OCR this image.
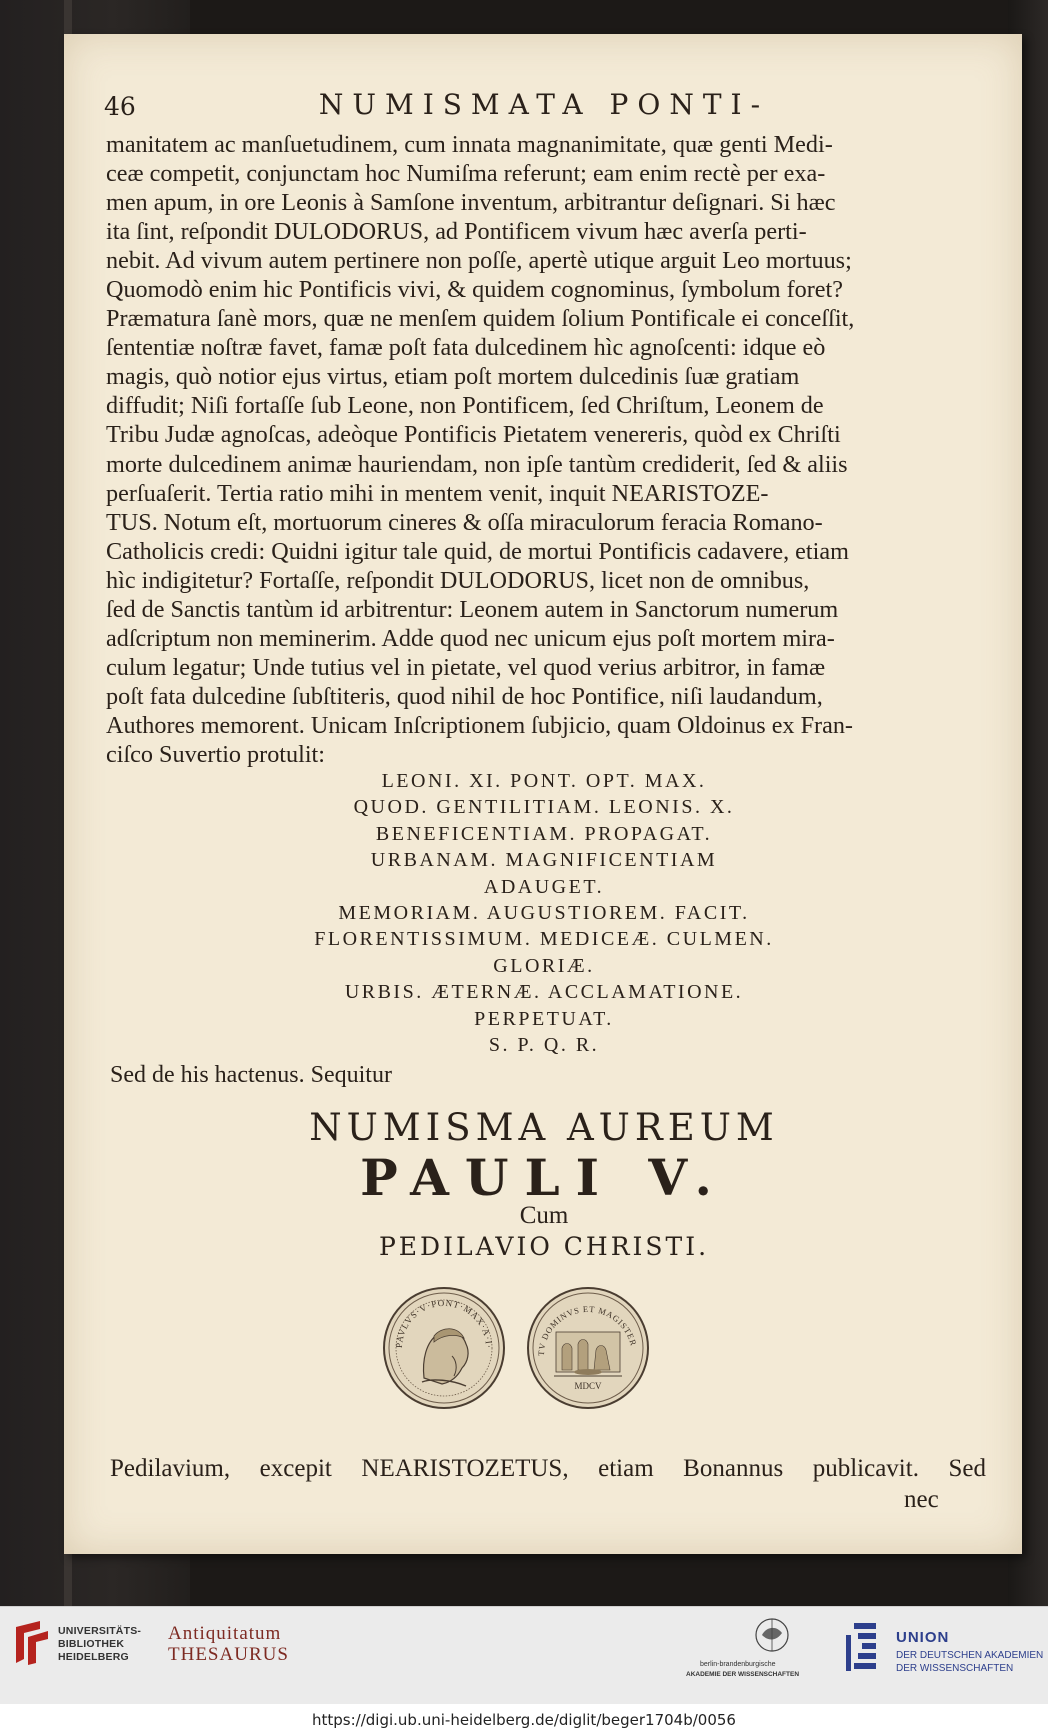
46	NUMISMATA PONTI-

manitatem ac manſuetudinem, cum innata magnanimitate, quæ genti Medi-

ceæ competit, conjunctam hoc Numiſma referunt; eam enim rectè per exa-

men apum, in ore Leonis à Samſone inventum, arbitrantur deſignari. Si hæc

ita ſint, reſpondit DULODORUS, ad Pontificem vivum hæc averſa perti-

nebit. Ad vivum autem pertinere non poſſe, apertè utique arguit Leo mortuus;

Quomodò enim hic Pontificis vivi, & quidem cognominus, ſymbolum foret?

Præmatura ſanè mors, quæ ne menſem quidem ſolium Pontificale ei conceſſit,

ſententiæ noſtræ favet, famæ poſt fata dulcedinem hìc agnoſcenti: idque eò

magis, quò notior ejus virtus, etiam poſt mortem dulcedinis ſuæ gratiam

diffudit; Niſi fortaſſe ſub Leone, non Pontificem, ſed Chriſtum, Leonem de

Tribu Judæ agnoſcas, adeòque Pontificis Pietatem venereris, quòd ex Chriſti

morte dulcedinem animæ hauriendam, non ipſe tantùm crediderit, ſed & aliis

perſuaſerit. Tertia ratio mihi in mentem venit, inquit NEARISTOZE-

TUS. Notum eſt, mortuorum cineres & oſſa miraculorum feracia Romano-

Catholicis credi: Quidni igitur tale quid, de mortui Pontificis cadavere, etiam

hìc indigitetur? Fortaſſe, reſpondit DULODORUS, licet non de omnibus,

ſed de Sanctis tantùm id arbitrentur: Leonem autem in Sanctorum numerum

adſcriptum non meminerim. Adde quod nec unicum ejus poſt mortem mira-

culum legatur; Unde tutius vel in pietate, vel quod verius arbitror, in famæ

poſt fata dulcedine ſubſtiteris, quod nihil de hoc Pontifice, niſi laudandum,

Authores memorent. Unicam Inſcriptionem ſubjicio, quam Oldoinus ex Fran-

ciſco Suvertio protulit:

LEONI. XI. PONT. OPT. MAX.
QUOD. GENTILITIAM. LEONIS. X.
BENEFICENTIAM. PROPAGAT.
URBANAM. MAGNIFICENTIAM
ADAUGET.
MEMORIAM. AUGUSTIOREM. FACIT.
FLORENTISSIMUM. MEDICEÆ. CULMEN.
GLORIÆ.
URBIS. ÆTERNÆ. ACCLAMATIONE.
PERPETUAT.
S. P. Q. R.
Sed de his hactenus. Sequitur
NUMISMA AUREUM
PAULI V.
Cum
PEDILAVIO CHRISTI.
PAVLVS·V·PONT·MAX·A·I·
TV DOMINVS ET MAGISTER
MDCV
Pedilavium, excepit NEARISTOZETUS, etiam Bonannus publicavit. Sed
nec
UNIVERSITÄTS-
BIBLIOTHEK
HEIDELBERG
Antiquitatum
THESAURUS	berlin-brandenburgische
AKADEMIE DER WISSENSCHAFTEN
UNION
DER DEUTSCHEN AKADEMIEN
DER WISSENSCHAFTEN
https://digi.ub.uni-heidelberg.de/diglit/beger1704b/0056
